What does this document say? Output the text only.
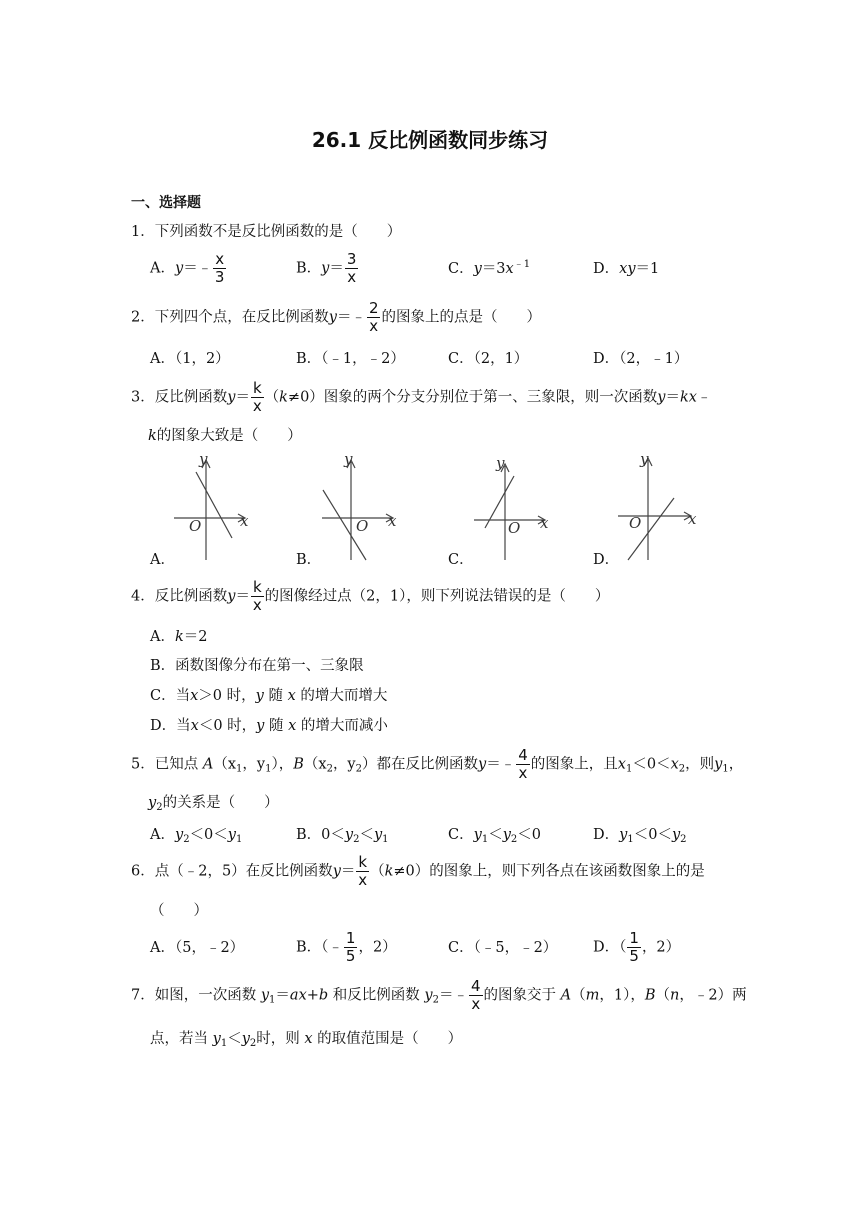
26.1 反比例函数同步练习
一、选择题
1．下列函数不是反比例函数的是（　　）
A．y＝﹣ $\frac{x}{3}$	B．$y= \frac{3}{x}$	C．$y=3x^{﹣1}$	D．xy＝1
2．下列四个点，在反比例函数y＝﹣ $\frac{2}{x}$ 的图象上的点是（　　）
A．（1，2）	B．（﹣1，﹣2）	C．（2，1）	D．（2，﹣1）
3．反比例函数$y= \frac{k}{x} (k\ne 0)$图象的两个分支分别位于第一、三象限，则一次函数y＝kx﹣
k的图象大致是（　　）
y
x
O
y
x
O
y
x
O
y
x
O
A．	B．	C．	D．
4．反比例函数$y= \frac{k}{x}$ 的图像经过点（2，1），则下列说法错误的是（　　）
A．k＝2
B．函数图像分布在第一、三象限
C．当x＞0 时，y 随 x 的增大而增大
D．当x＜0 时，y 随 x 的增大而减小
5．已知点 $A(x_1$，$y_1$），$B(x_2$，$y_2$）都在反比例函数y＝﹣ $\frac{4}{x}$ 的图象上，且$x_1<0<x_2$，则$y_1$，
$y_2$的关系是（　　）
A．$y_2<0<y_1$	B．$0<y_2<y_1$	C．$y_1<y_2<0$	D．$y_1<0<y_2$
6．点（﹣2，5）在反比例函数$y= \frac{k}{x} (k\ne 0)$的图象上，则下列各点在该函数图象上的是
（　　）
A．（5，﹣2）	B．（﹣ $\frac{1}{5}$ ，2）	C．（﹣5，﹣2） D．（ $\frac{1}{5}$ ，2）
7．如图，一次函数 $y_1=ax+b$ 和反比例函数 $y_2=﹣ \frac{4}{x}$ 的图象交于 A（m，1），B（n，﹣2）两
点，若当 $y_1<y_2$时，则 x 的取值范围是（　　）
